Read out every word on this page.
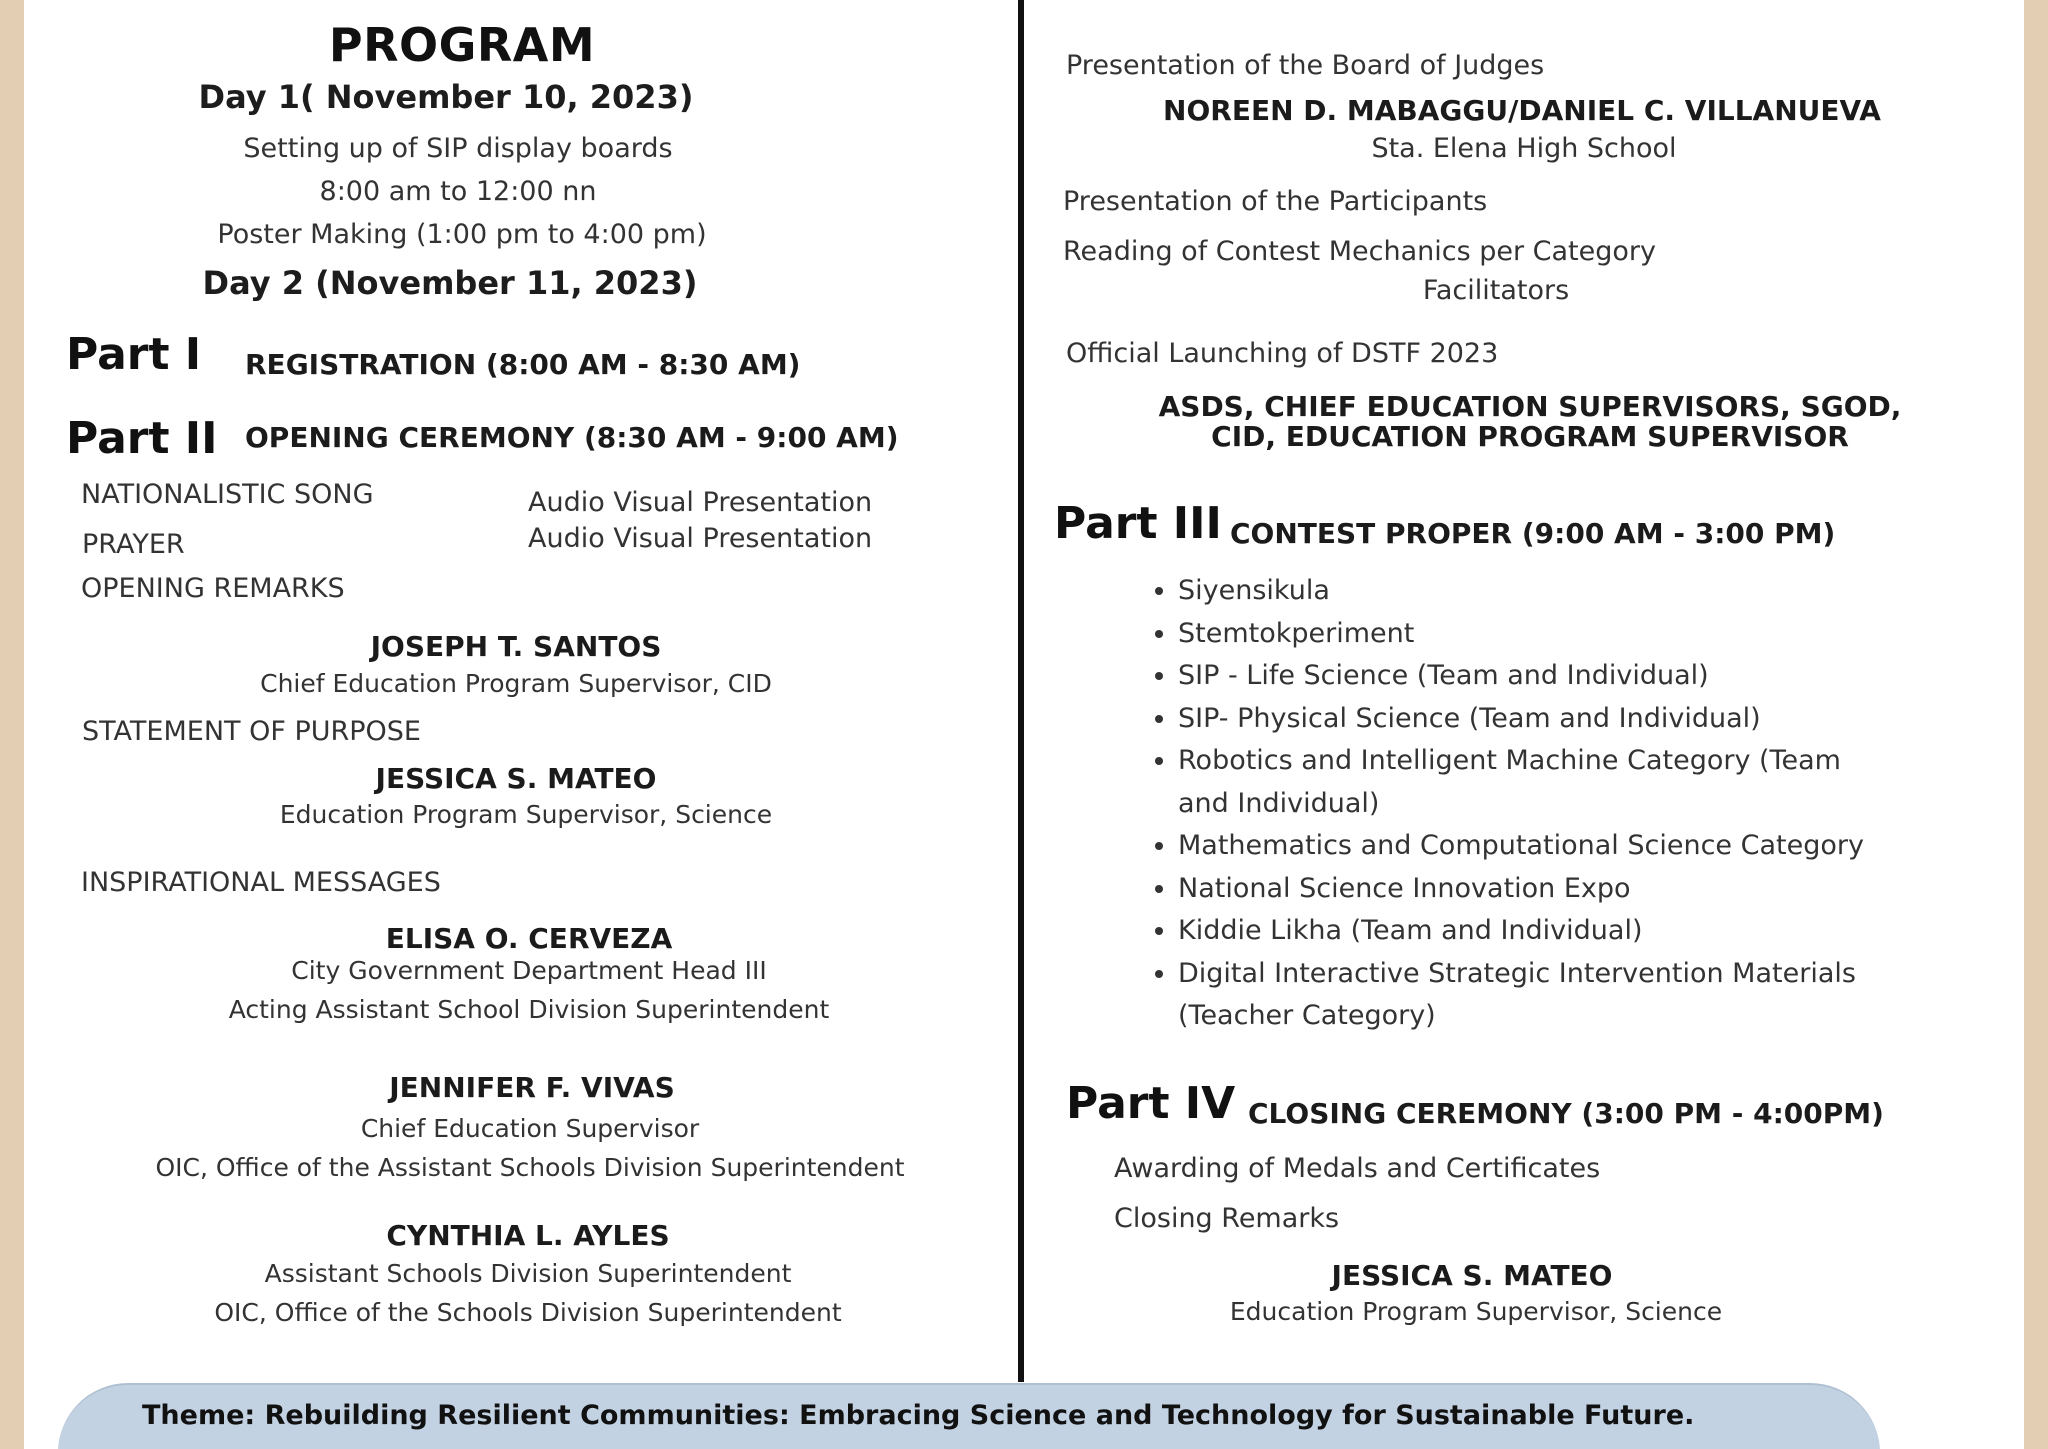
PROGRAM
Day 1( November 10, 2023)
Setting up of SIP display boards
8:00 am to 12:00 nn
Poster Making (1:00 pm to 4:00 pm)
Day 2 (November 11, 2023)
Part I REGISTRATION (8:00 AM - 8:30 AM)
Part II OPENING CEREMONY (8:30 AM - 9:00 AM)
NATIONALISTIC SONG	Audio Visual Presentation
PRAYER	Audio Visual Presentation
OPENING REMARKS
JOSEPH T. SANTOS
Chief Education Program Supervisor, CID
STATEMENT OF PURPOSE
JESSICA S. MATEO
Education Program Supervisor, Science
INSPIRATIONAL MESSAGES
ELISA O. CERVEZA
City Government Department Head III
Acting Assistant School Division Superintendent
JENNIFER F. VIVAS
Chief Education Supervisor
OIC, Office of the Assistant Schools Division Superintendent
CYNTHIA L. AYLES
Assistant Schools Division Superintendent
OIC, Office of the Schools Division Superintendent
Presentation of the Board of Judges
NOREEN D. MABAGGU/DANIEL C. VILLANUEVA
Sta. Elena High School
Presentation of the Participants
Reading of Contest Mechanics per Category
Facilitators
Official Launching of DSTF 2023
ASDS, CHIEF EDUCATION SUPERVISORS, SGOD,
CID, EDUCATION PROGRAM SUPERVISOR
Part III CONTEST PROPER (9:00 AM - 3:00 PM)
• Siyensikula
• Stemtokperiment
• SIP - Life Science (Team and Individual)
• SIP- Physical Science (Team and Individual)
• Robotics and Intelligent Machine Category (Team and Individual)
• Mathematics and Computational Science Category
• National Science Innovation Expo
• Kiddie Likha (Team and Individual)
• Digital Interactive Strategic Intervention Materials (Teacher Category)
Part IV CLOSING CEREMONY (3:00 PM - 4:00PM)
Awarding of Medals and Certificates
Closing Remarks
JESSICA S. MATEO
Education Program Supervisor, Science
Theme: Rebuilding Resilient Communities: Embracing Science and Technology for Sustainable Future.
